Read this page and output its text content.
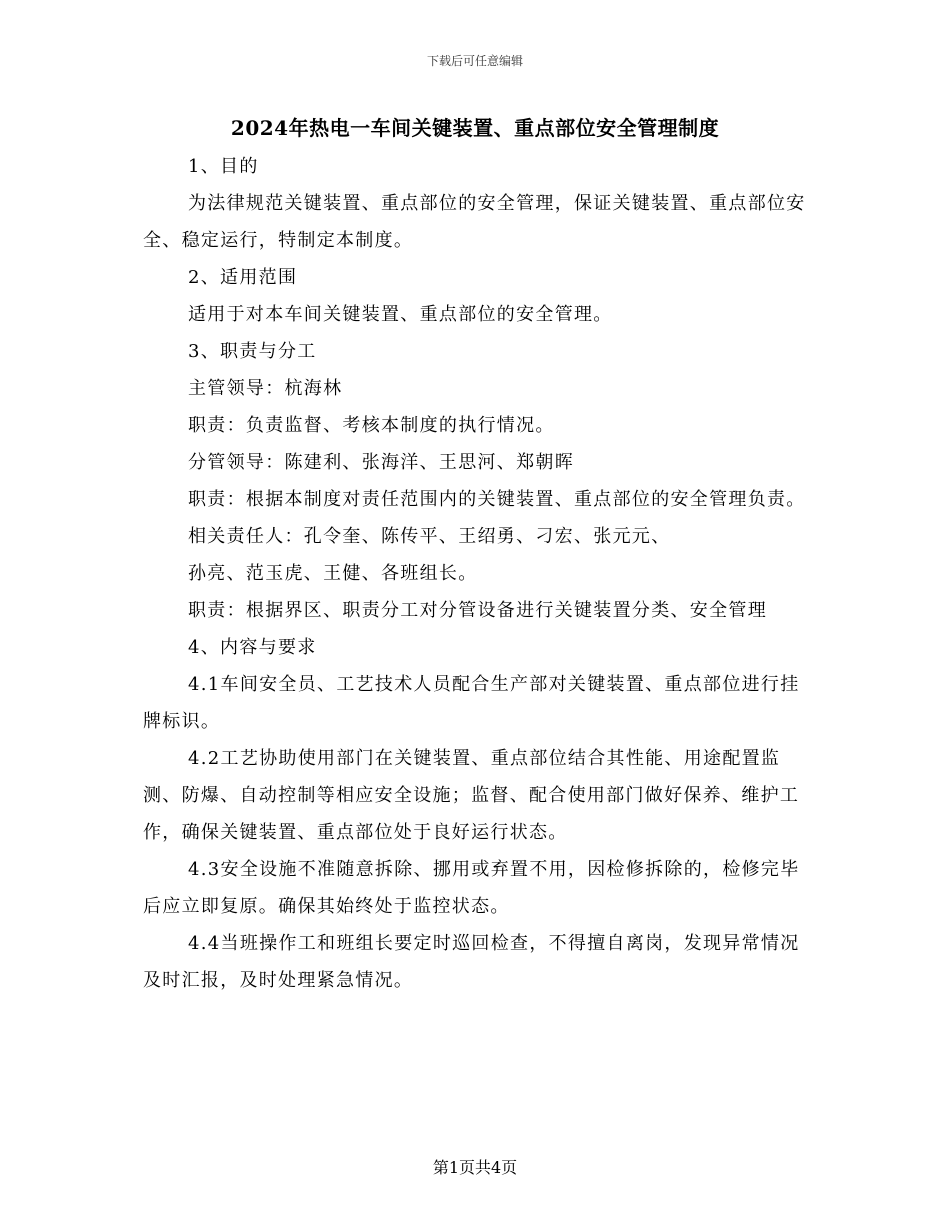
下载后可任意编辑
2024年热电一车间关键装置、重点部位安全管理制度

1、目的

为法律规范关键装置、重点部位的安全管理，保证关键装置、重点部位安全、稳定运行，特制定本制度。

2、适用范围

适用于对本车间关键装置、重点部位的安全管理。

3、职责与分工

主管领导：杭海林

职责：负责监督、考核本制度的执行情况。

分管领导：陈建利、张海洋、王思河、郑朝晖

职责：根据本制度对责任范围内的关键装置、重点部位的安全管理负责。

相关责任人：孔令奎、陈传平、王绍勇、刁宏、张元元、

孙亮、范玉虎、王健、各班组长。

职责：根据界区、职责分工对分管设备进行关键装置分类、安全管理

4、内容与要求

4.1车间安全员、工艺技术人员配合生产部对关键装置、重点部位进行挂牌标识。

4.2工艺协助使用部门在关键装置、重点部位结合其性能、用途配置监测、防爆、自动控制等相应安全设施；监督、配合使用部门做好保养、维护工作，确保关键装置、重点部位处于良好运行状态。

4.3安全设施不准随意拆除、挪用或弃置不用，因检修拆除的，检修完毕后应立即复原。确保其始终处于监控状态。

4.4当班操作工和班组长要定时巡回检查，不得擅自离岗，发现异常情况及时汇报，及时处理紧急情况。

第1页共4页
